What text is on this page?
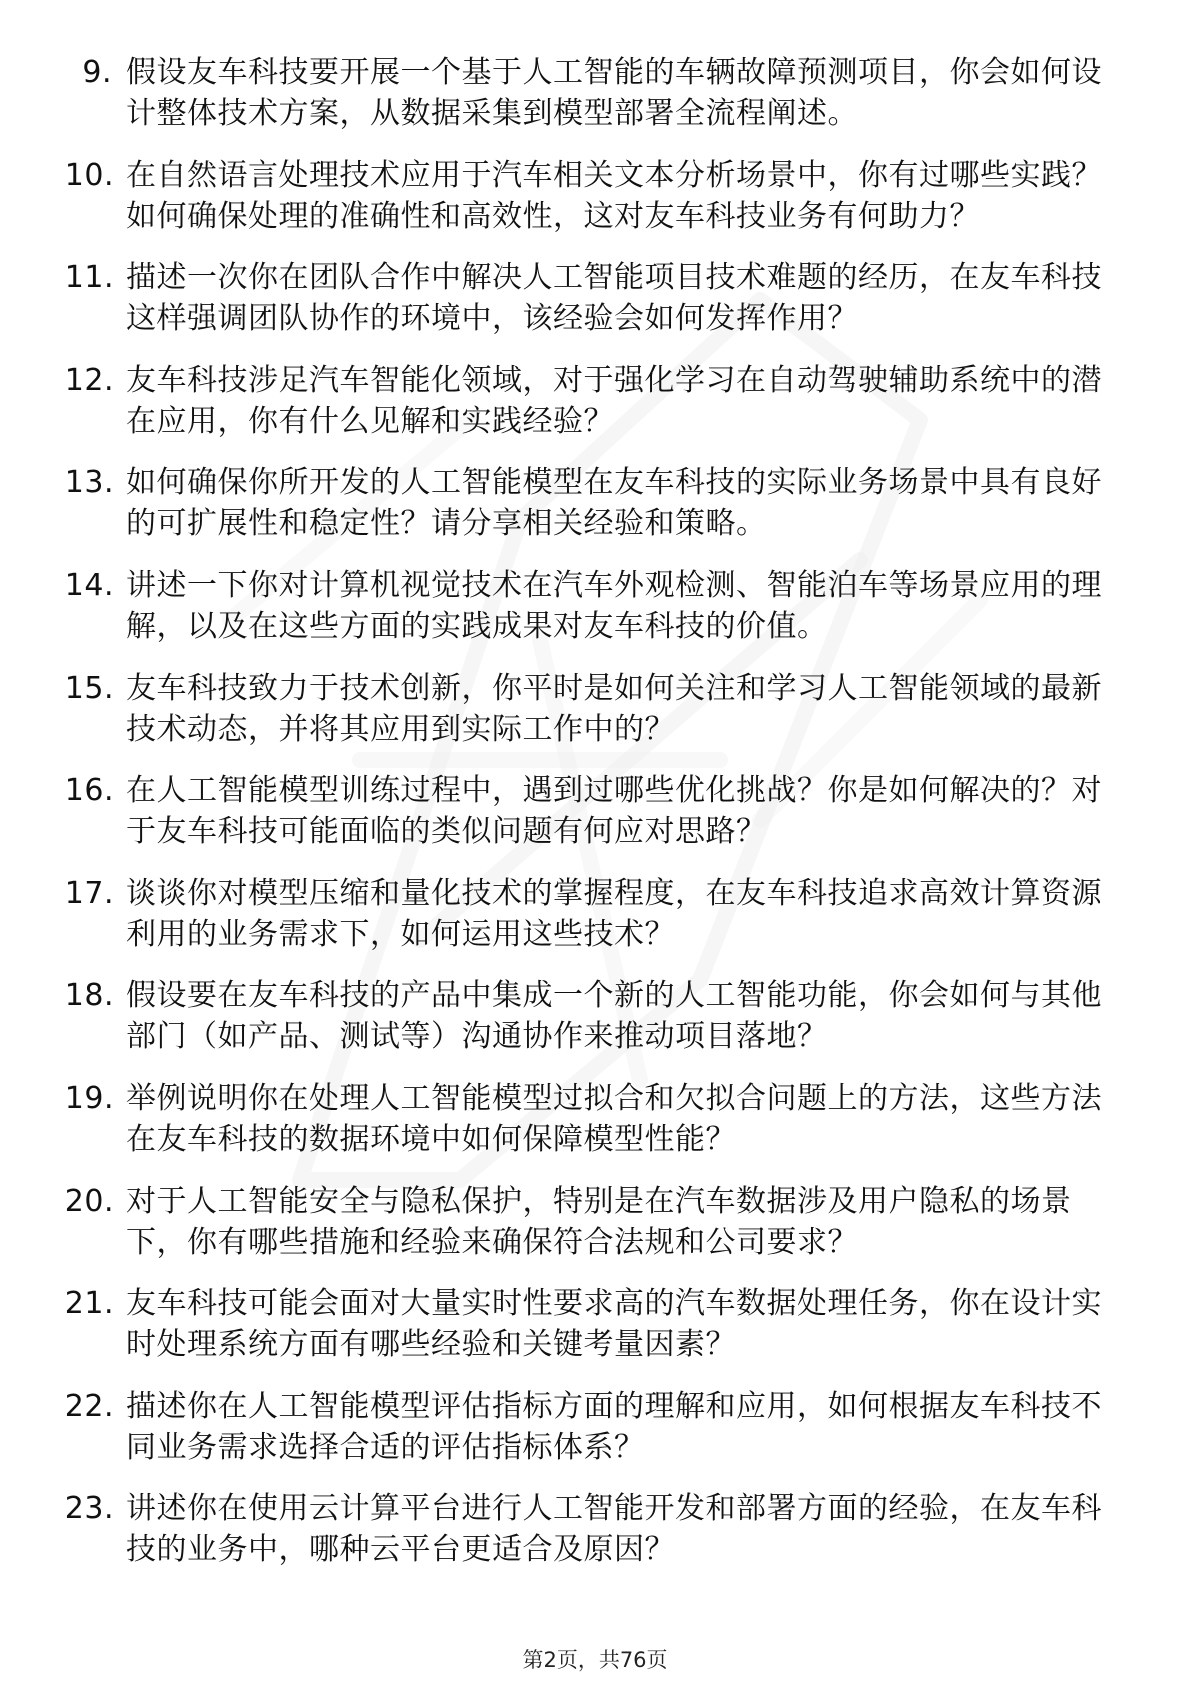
9. 假设友车科技要开展一个基于人工智能的车辆故障预测项目，你会如何设计整体技术方案，从数据采集到模型部署全流程阐述。
10. 在自然语言处理技术应用于汽车相关文本分析场景中，你有过哪些实践？如何确保处理的准确性和高效性，这对友车科技业务有何助力？
11. 描述一次你在团队合作中解决人工智能项目技术难题的经历，在友车科技这样强调团队协作的环境中，该经验会如何发挥作用？
12. 友车科技涉足汽车智能化领域，对于强化学习在自动驾驶辅助系统中的潜在应用，你有什么见解和实践经验？
13. 如何确保你所开发的人工智能模型在友车科技的实际业务场景中具有良好的可扩展性和稳定性？请分享相关经验和策略。
14. 讲述一下你对计算机视觉技术在汽车外观检测、智能泊车等场景应用的理解，以及在这些方面的实践成果对友车科技的价值。
15. 友车科技致力于技术创新，你平时是如何关注和学习人工智能领域的最新技术动态，并将其应用到实际工作中的？
16. 在人工智能模型训练过程中，遇到过哪些优化挑战？你是如何解决的？对于友车科技可能面临的类似问题有何应对思路？
17. 谈谈你对模型压缩和量化技术的掌握程度，在友车科技追求高效计算资源利用的业务需求下，如何运用这些技术？
18. 假设要在友车科技的产品中集成一个新的人工智能功能，你会如何与其他部门（如产品、测试等）沟通协作来推动项目落地？
19. 举例说明你在处理人工智能模型过拟合和欠拟合问题上的方法，这些方法在友车科技的数据环境中如何保障模型性能？
20. 对于人工智能安全与隐私保护，特别是在汽车数据涉及用户隐私的场景下，你有哪些措施和经验来确保符合法规和公司要求？
21. 友车科技可能会面对大量实时性要求高的汽车数据处理任务，你在设计实时处理系统方面有哪些经验和关键考量因素？
22. 描述你在人工智能模型评估指标方面的理解和应用，如何根据友车科技不同业务需求选择合适的评估指标体系？
23. 讲述你在使用云计算平台进行人工智能开发和部署方面的经验，在友车科技的业务中，哪种云平台更适合及原因？
第2页，共76页
